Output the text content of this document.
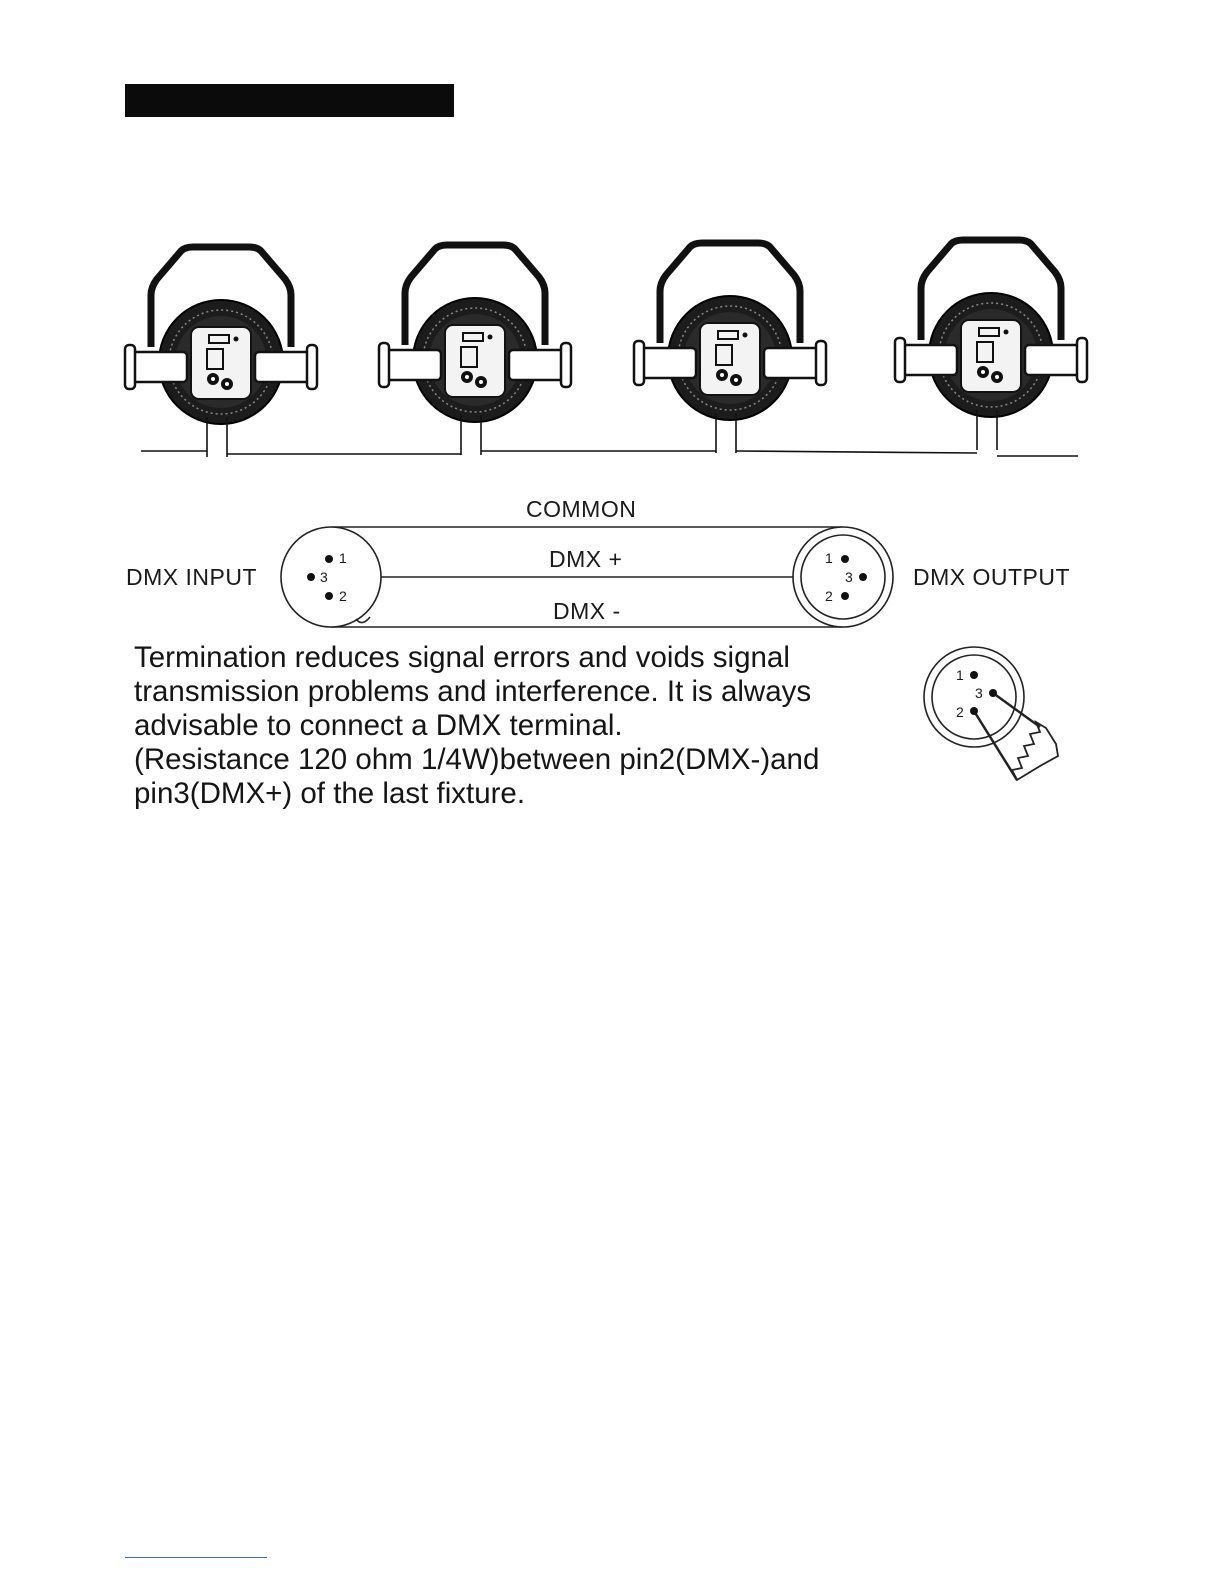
COMMON
DMX +
DMX -
DMX INPUT	DMX OUTPUT
1
3
2
1
3
2
1
3
2

Termination reduces signal errors and voids signal

transmission problems and interference. It is always

advisable to connect a DMX terminal.

(Resistance 120 ohm 1/4W)between pin2(DMX-)and

pin3(DMX+) of the last fixture.
